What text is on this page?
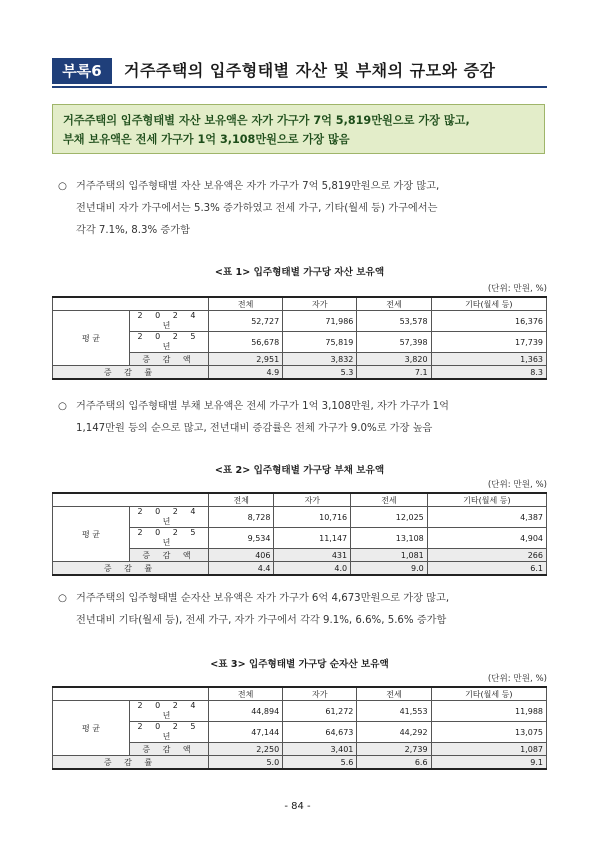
부록6	거주주택의 입주형태별 자산 및 부채의 규모와 증감
거주주택의 입주형태별 자산 보유액은 자가 가구가 7억 5,819만원으로 가장 많고,
부채 보유액은 전세 가구가 1억 3,108만원으로 가장 많음
○ 거주주택의 입주형태별 자산 보유액은 자가 가구가 7억 5,819만원으로 가장 많고,
전년대비 자가 가구에서는 5.3% 증가하였고 전세 가구, 기타(월세 등) 가구에서는
각각 7.1%, 8.3% 증가함
<표 1> 입주형태별 가구당 자산 보유액
(단위: 만원, %)
		전체	자가	전세	기타(월세 등)
평 균	2 0 2 4 년	52,727	71,986	53,578	16,376
	2 0 2 5 년	56,678	75,819	57,398	17,739
	증 감 액	2,951	3,832	3,820	1,363
증 감 률		4.9	5.3	7.1	8.3
○ 거주주택의 입주형태별 부채 보유액은 전세 가구가 1억 3,108만원, 자가 가구가 1억
1,147만원 등의 순으로 많고, 전년대비 증감률은 전체 가구가 9.0%로 가장 높음
<표 2> 입주형태별 가구당 부채 보유액
(단위: 만원, %)
		전체	자가	전세	기타(월세 등)
평 균	2 0 2 4 년	8,728	10,716	12,025	4,387
	2 0 2 5 년	9,534	11,147	13,108	4,904
	증 감 액	406	431	1,081	266
증 감 률		4.4	4.0	9.0	6.1
○ 거주주택의 입주형태별 순자산 보유액은 자가 가구가 6억 4,673만원으로 가장 많고,
전년대비 기타(월세 등), 전세 가구, 자가 가구에서 각각 9.1%, 6.6%, 5.6% 증가함
<표 3> 입주형태별 가구당 순자산 보유액
(단위: 만원, %)
		전체	자가	전세	기타(월세 등)
평 균	2 0 2 4 년	44,894	61,272	41,553	11,988
	2 0 2 5 년	47,144	64,673	44,292	13,075
	증 감 액	2,250	3,401	2,739	1,087
증 감 률		5.0	5.6	6.6	9.1
- 84 -
